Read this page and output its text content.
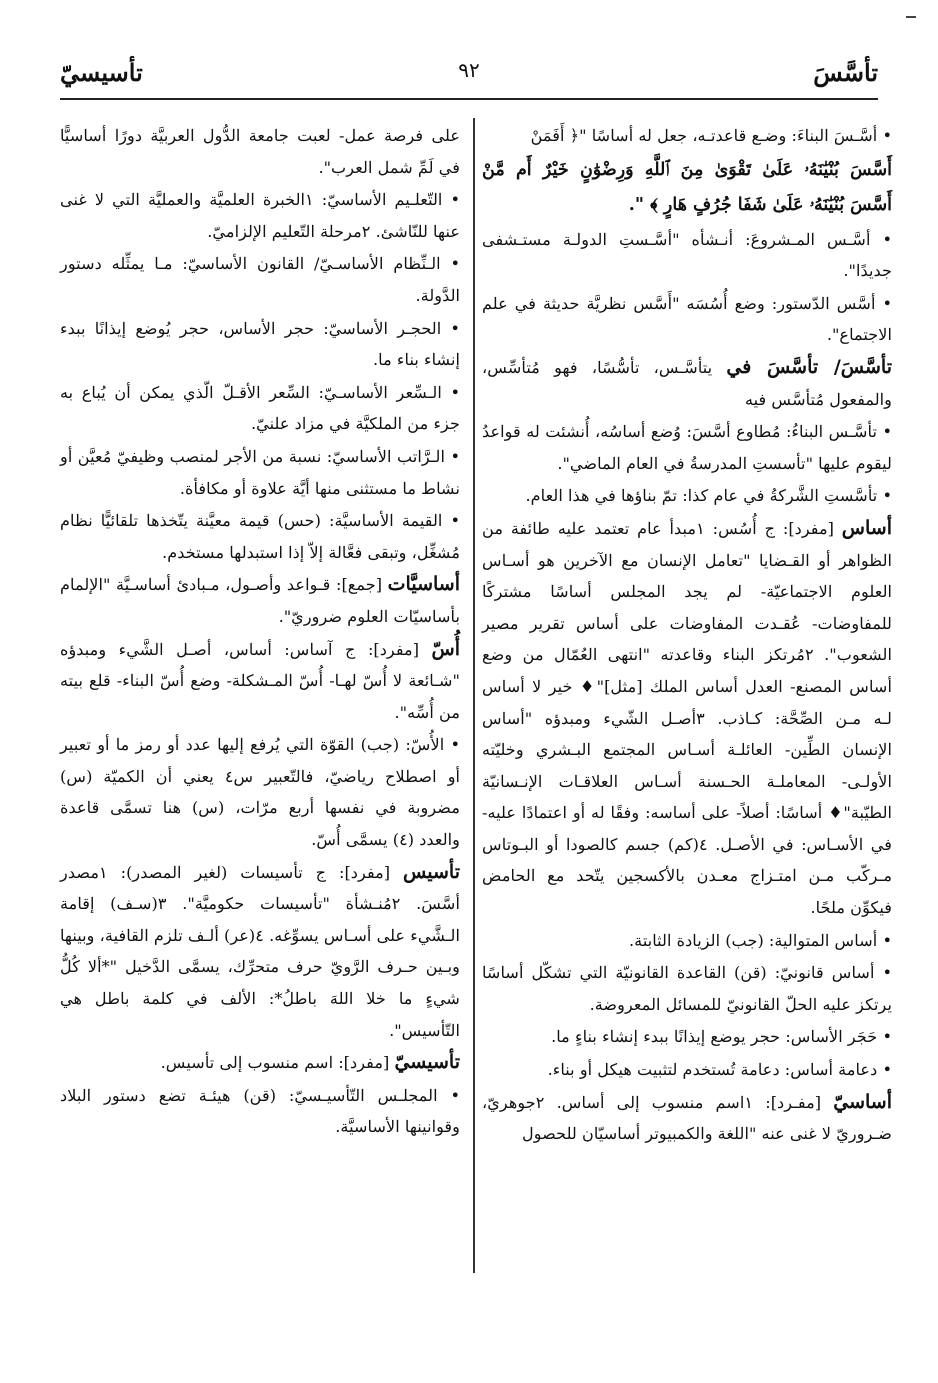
تأسَّسَ
٩٢
تأسيسيّ
• أسَّـسَ البناءَ: وضـع قاعدتـه، جعل له أساسًا "﴿ أَفَمَنْ
أَسَّسَ بُنْيَٰنَهُۥ عَلَىٰ تَقْوَىٰ مِنَ ٱللَّهِ وَرِضْوَٰنٍ خَيْرٌ أَم مَّنْ أَسَّسَ بُنْيَٰنَهُۥ عَلَىٰ شَفَا جُرُفٍ هَارٍ ﴾ ".
• أسَّـس المـشروعَ: أنـشأه "أسَّـستِ الدولـة مستـشفى جديدًا".
• أسَّس الدّستور: وضع أُسُسَه "أَسَّس نظريَّة حديثة في علم الاجتماع".
تأسَّسَ/ تأسَّسَ في يتأسَّـس، تأسُّسًا، فهو مُتأسِّس، والمفعول مُتأسَّس فيه
• تأسَّـس البناءُ: مُطاوع أسَّسَ: وُضع أساسُه، أُنشئت له قواعدُ ليقوم عليها "تأسستِ المدرسةُ في العام الماضي".
• تأسَّستِ الشَّركةُ في عام كذا: تمّ بناؤها في هذا العام.
أساس [مفرد]: ج أُسُس: ١مبدأ عام تعتمد عليه طائفة من الظواهر أو القـضايا "تعامل الإنسان مع الآخرين هو أسـاس العلوم الاجتماعيّة- لم يجد المجلس أساسًا مشتركًا للمفاوضات- عُقـدت المفاوضات على أساس تقرير مصير الشعوب". ٢مُرتكز البناء وقاعدته "انتهى العُمّال من وضع أساس المصنع- العدل أساس الملك [مثل]"♦ خير لا أساس لـه مـن الصِّحَّة: كـاذب. ٣أصـل الشّيء ومبدؤه "أساس الإنسان الطِّين- العائلـة أسـاس المجتمع البـشري وخليّته الأولـى- المعاملـة الحـسنة أسـاس العلاقـات الإنـسانيّة الطيّبة"♦ أساسًا: أصلاً- على أساسه: وفقًا له أو اعتمادًا عليه- في الأسـاس: في الأصـل. ٤(كم) جسم كالصودا أو البـوتاس مـركّب مـن امتـزاج معـدن بالأكسجين يتّحد مع الحامض فيكوِّن ملحًا.
• أساس المتوالية: (جب) الزيادة الثابتة.
• أساس قانونيّ: (قن) القاعدة القانونيّة التي تشكّل أساسًا يرتكز عليه الحلّ القانونيّ للمسائل المعروضة.
• حَجَر الأساس: حجر يوضع إيذانًا ببدء إنشاء بناءٍ ما.
• دعامة أساس: دعامة تُستخدم لتثبيت هيكل أو بناء.
أساسيّ [مفـرد]: ١اسم منسوب إلى أساس. ٢جوهريّ، ضـروريّ لا غنى عنه "اللغة والكمبيوتر أساسيّان للحصول
على فرصة عمل- لعبت جامعة الدُّول العربيَّة دورًا أساسيًّا في لَمِّ شمل العرب".
• التّعلـيم الأساسيّ: ١الخبرة العلميَّة والعمليَّة التي لا غنى عنها للنّاشئ. ٢مرحلة التّعليم الإلزاميّ.
• الـنِّظام الأساسـيّ/ القانون الأساسيّ: مـا يمثِّله دستور الدَّولة.
• الحجـر الأساسيّ: حجر الأساس، حجر يُوضع إيذانًا ببدء إنشاء بناء ما.
• الـسِّعر الأساسـيّ: السِّعر الأقـلّ الّذي يمكن أن يُباع به جزء من الملكيَّة في مزاد علنيّ.
• الـرَّاتب الأساسيّ: نسبة من الأجر لمنصب وظيفيّ مُعيَّن أو نشاط ما مستثنى منها أيَّة علاوة أو مكافأة.
• القيمة الأساسيَّة: (حس) قيمة معيَّنة يتّخذها تلقائيًّا نظام مُشغِّل، وتبقى فعَّالة إلاّ إذا استبدلها مستخدم.
أساسيَّات [جمع]: قـواعد وأصـول، مـبادئ أساسـيَّة "الإلمام بأساسيّات العلوم ضروريّ".
أُسّ [مفرد]: ج آساس: أساس، أصـل الشَّيء ومبدؤه "شـائعة لا أُسّ لهـا- أُسّ المـشكلة- وضع أُسّ البناء- قلع بيته من أُسِّه".
• الأُسّ: (جب) القوّة التي يُرفع إليها عدد أو رمز ما أو تعبير أو اصطلاح رياضيّ، فالتّعبير س٤ يعني أن الكميّة (س) مضروبة في نفسها أربع مرّات، (س) هنا تسمَّى قاعدة والعدد (٤) يسمَّى أُسّ.
تأسيس [مفرد]: ج تأسيسات (لغير المصدر): ١مصدر أسَّسَ. ٢مُنـشأة "تأسيسات حكوميَّة". ٣(سـف) إقامة الـشَّيء على أسـاس يسوِّغه. ٤(عر) ألـف تلزم القافية، وبينها وبـين حـرف الرَّويّ حرف متحرِّك، يسمَّى الدَّخيل "*ألا كُلُّ شيءٍ ما خلا اللهَ باطلُ*: الألف في كلمة باطل هي التّأسيس".
تأسيسيّ [مفرد]: اسم منسوب إلى تأسيس.
• المجلـس التّأسيـسيّ: (قن) هيئـة تضع دستور البلاد وقوانينها الأساسيَّة.
